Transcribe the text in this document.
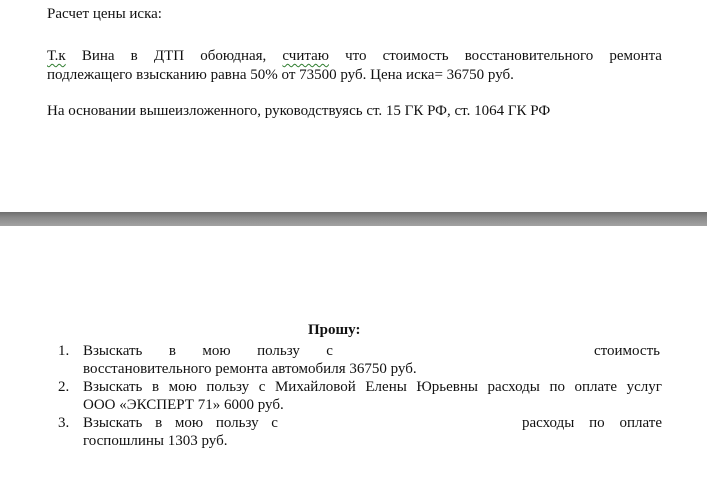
Расчет цены иска:
Т.к Вина в ДТП обоюдная, считаю что стоимость восстановительного ремонта
подлежащего взысканию равна 50% от 73500 руб. Цена иска= 36750 руб.
На основании вышеизложенного, руководствуясь ст. 15 ГК РФ, ст. 1064 ГК РФ
Прошу:
1. Взыскать в мою пользу с	стоимость
восстановительного ремонта автомобиля 36750 руб.
2. Взыскать в мою пользу с Михайловой Елены Юрьевны расходы по оплате услуг
ООО «ЭКСПЕРТ 71» 6000 руб.
3. Взыскать в мою пользу с	расходы по оплате
госпошлины 1303 руб.
